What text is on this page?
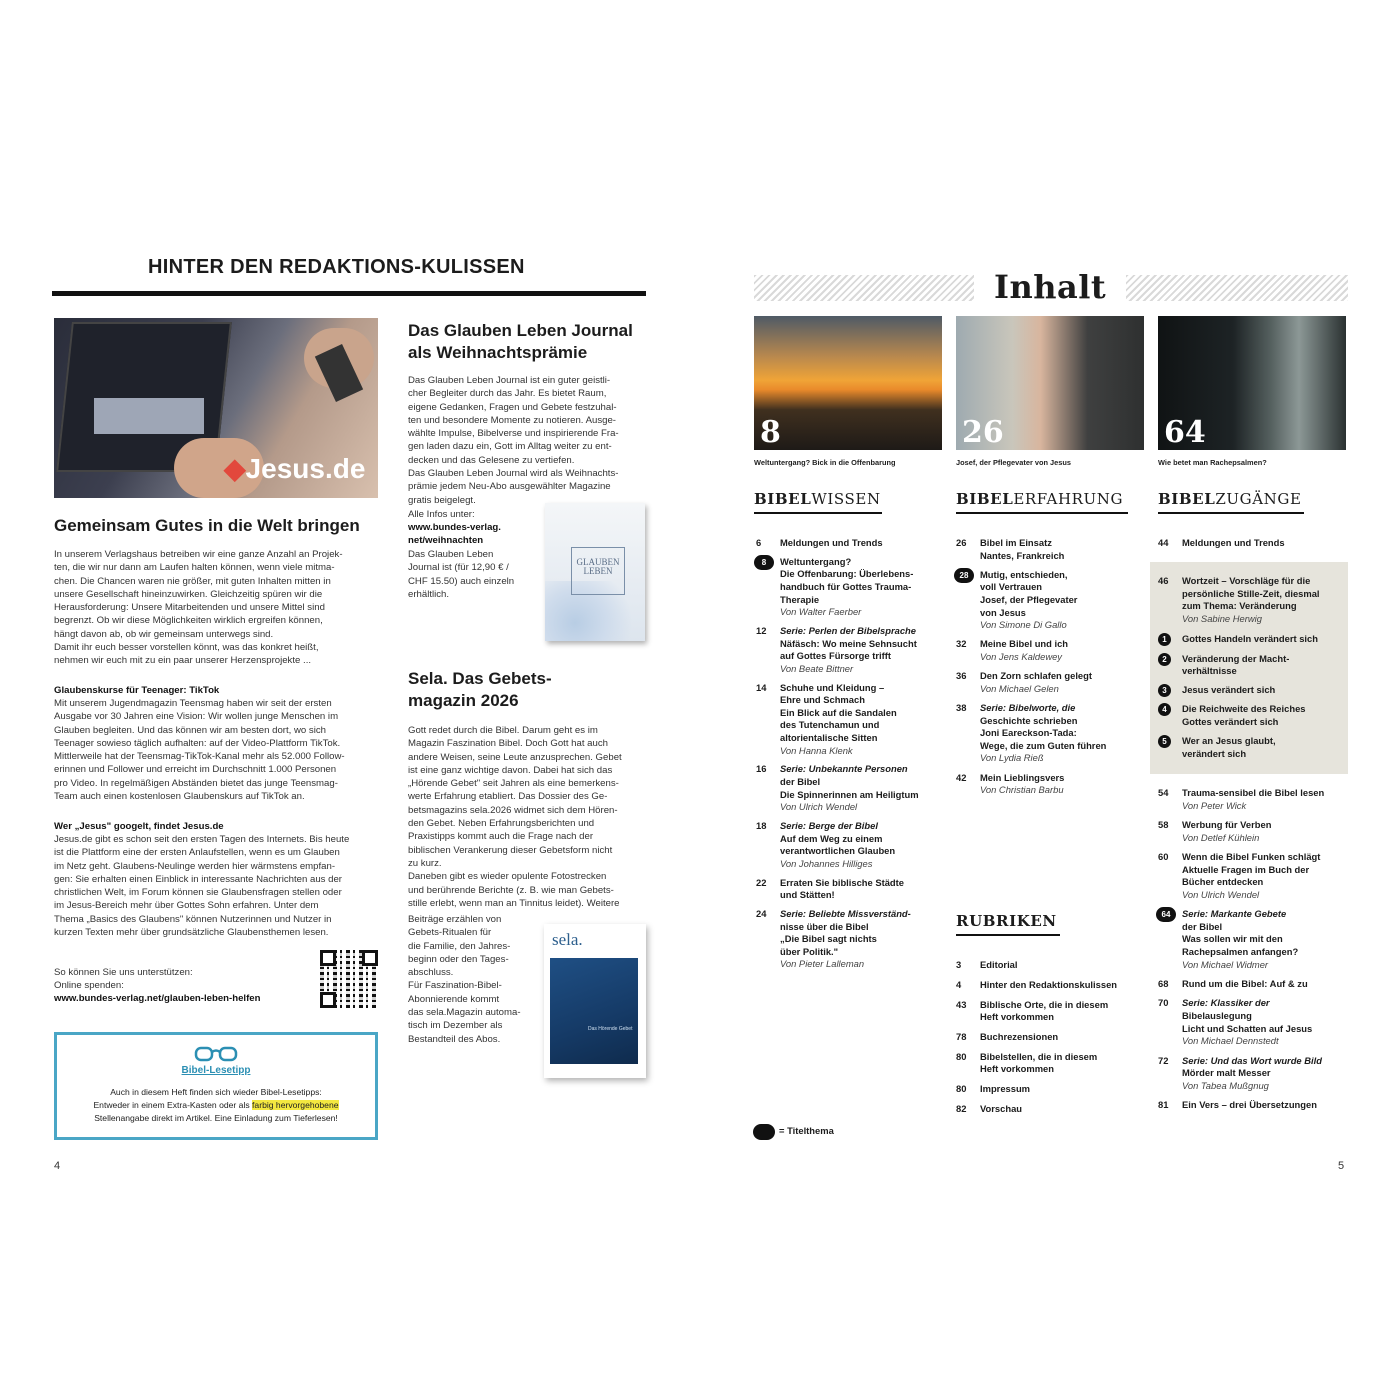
HINTER DEN REDAKTIONS-KULISSEN
◆Jesus.de
Gemeinsam Gutes in die Welt bringen
In unserem Verlagshaus betreiben wir eine ganze Anzahl an Projek-
ten, die wir nur dann am Laufen halten können, wenn viele mitma-
chen. Die Chancen waren nie größer, mit guten Inhalten mitten in
unsere Gesellschaft hineinzuwirken. Gleichzeitig spüren wir die
Herausforderung: Unsere Mitarbeitenden und unsere Mittel sind
begrenzt. Ob wir diese Möglichkeiten wirklich ergreifen können,
hängt davon ab, ob wir gemeinsam unterwegs sind.
Damit ihr euch besser vorstellen könnt, was das konkret heißt,
nehmen wir euch mit zu ein paar unserer Herzensprojekte ...
Glaubenskurse für Teenager: TikTok
Mit unserem Jugendmagazin Teensmag haben wir seit der ersten
Ausgabe vor 30 Jahren eine Vision: Wir wollen junge Menschen im
Glauben begleiten. Und das können wir am besten dort, wo sich
Teenager sowieso täglich aufhalten: auf der Video-Plattform TikTok.
Mittlerweile hat der Teensmag-TikTok-Kanal mehr als 52.000 Follow-
erinnen und Follower und erreicht im Durchschnitt 1.000 Personen
pro Video. In regelmäßigen Abständen bietet das junge Teensmag-
Team auch einen kostenlosen Glaubenskurs auf TikTok an.
Wer „Jesus" googelt, findet Jesus.de
Jesus.de gibt es schon seit den ersten Tagen des Internets. Bis heute
ist die Plattform eine der ersten Anlaufstellen, wenn es um Glauben
im Netz geht. Glaubens-Neulinge werden hier wärmstens empfan-
gen: Sie erhalten einen Einblick in interessante Nachrichten aus der
christlichen Welt, im Forum können sie Glaubensfragen stellen oder
im Jesus-Bereich mehr über Gottes Sohn erfahren. Unter dem
Thema „Basics des Glaubens" können Nutzerinnen und Nutzer in
kurzen Texten mehr über grundsätzliche Glaubensthemen lesen.
So können Sie uns unterstützen:
Online spenden:
www.bundes-verlag.net/glauben-leben-helfen
Bibel-Lesetipp
Auch in diesem Heft finden sich wieder Bibel-Lesetipps:
Entweder in einem Extra-Kasten oder als farbig hervorgehobene
Stellenangabe direkt im Artikel. Eine Einladung zum Tieferlesen!
4
Das Glauben Leben Journal
als Weihnachtsprämie
Das Glauben Leben Journal ist ein guter geistli-
cher Begleiter durch das Jahr. Es bietet Raum,
eigene Gedanken, Fragen und Gebete festzuhal-
ten und besondere Momente zu notieren. Ausge-
wählte Impulse, Bibelverse und inspirierende Fra-
gen laden dazu ein, Gott im Alltag weiter zu ent-
decken und das Gelesene zu vertiefen.
Das Glauben Leben Journal wird als Weihnachts-
prämie jedem Neu-Abo ausgewählter Magazine
gratis beigelegt.
Alle Infos unter:
www.bundes-verlag.
net/weihnachten
Das Glauben Leben
Journal ist (für 12,90 € /
CHF 15.50) auch einzeln
erhältlich.
GLAUBEN LEBEN
Sela. Das Gebets-
magazin 2026
Gott redet durch die Bibel. Darum geht es im
Magazin Faszination Bibel. Doch Gott hat auch
andere Weisen, seine Leute anzusprechen. Gebet
ist eine ganz wichtige davon. Dabei hat sich das
„Hörende Gebet" seit Jahren als eine bemerkens-
werte Erfahrung etabliert. Das Dossier des Ge-
betsmagazins sela.2026 widmet sich dem Hören-
den Gebet. Neben Erfahrungsberichten und
Praxistipps kommt auch die Frage nach der
biblischen Verankerung dieser Gebetsform nicht
zu kurz.
Daneben gibt es wieder opulente Fotostrecken
und berührende Berichte (z. B. wie man Gebets-
stille erlebt, wenn man an Tinnitus leidet). Weitere
Beiträge erzählen von
Gebets-Ritualen für
die Familie, den Jahres-
beginn oder den Tages-
abschluss.
Für Faszination-Bibel-
Abonnierende kommt
das sela.Magazin automa-
tisch im Dezember als
Bestandteil des Abos.
sela.
Das Hörende Gebet
Inhalt
8	26	64
Weltuntergang? Bick in die Offenbarung	Josef, der Pflegevater von Jesus	Wie betet man Rachepsalmen?
BIBELWISSEN	BIBELERFAHRUNG BIBELZUGÄNGE
6	Meldungen und Trends
8	Weltuntergang?
Die Offenbarung: Überlebens-
handbuch für Gottes Trauma-
Therapie
Von Walter Faerber
12	Serie: Perlen der Bibelsprache
Näfäsch: Wo meine Sehnsucht
auf Gottes Fürsorge trifft
Von Beate Bittner
14	Schuhe und Kleidung –
Ehre und Schmach
Ein Blick auf die Sandalen
des Tutenchamun und
altorientalische Sitten
Von Hanna Klenk
16	Serie: Unbekannte Personen
der Bibel
Die Spinnerinnen am Heiligtum
Von Ulrich Wendel
18	Serie: Berge der Bibel
Auf dem Weg zu einem
verantwortlichen Glauben
Von Johannes Hilliges
22	Erraten Sie biblische Städte
und Stätten!
24	Serie: Beliebte Missverständ-
nisse über die Bibel
„Die Bibel sagt nichts
über Politik."
Von Pieter Lalleman
26	Bibel im Einsatz
Nantes, Frankreich
28	Mutig, entschieden,
voll Vertrauen
Josef, der Pflegevater
von Jesus
Von Simone Di Gallo
32	Meine Bibel und ich
Von Jens Kaldewey
36	Den Zorn schlafen gelegt
Von Michael Gelen
38	Serie: Bibelworte, die
Geschichte schrieben
Joni Eareckson-Tada:
Wege, die zum Guten führen
Von Lydia Rieß
42	Mein Lieblingsvers
Von Christian Barbu
RUBRIKEN
3	Editorial
4	Hinter den Redaktionskulissen
43	Biblische Orte, die in diesem
Heft vorkommen
78	Buchrezensionen
80	Bibelstellen, die in diesem
Heft vorkommen
80	Impressum
82	Vorschau
44	Meldungen und Trends
46	Wortzeit – Vorschläge für die
persönliche Stille-Zeit, diesmal
zum Thema: Veränderung
Von Sabine Herwig
1	Gottes Handeln verändert sich
2	Veränderung der Macht-
verhältnisse
3	Jesus verändert sich
4	Die Reichweite des Reiches
Gottes verändert sich
5	Wer an Jesus glaubt,
verändert sich
54	Trauma-sensibel die Bibel lesen
Von Peter Wick
58	Werbung für Verben
Von Detlef Kühlein
60	Wenn die Bibel Funken schlägt
Aktuelle Fragen im Buch der
Bücher entdecken
Von Ulrich Wendel
64	Serie: Markante Gebete
der Bibel
Was sollen wir mit den
Rachepsalmen anfangen?
Von Michael Widmer
68	Rund um die Bibel: Auf & zu
70	Serie: Klassiker der
Bibelauslegung
Licht und Schatten auf Jesus
Von Michael Dennstedt
72	Serie: Und das Wort wurde Bild
Mörder malt Messer
Von Tabea Mußgnug
81	Ein Vers – drei Übersetzungen
= Titelthema
5
